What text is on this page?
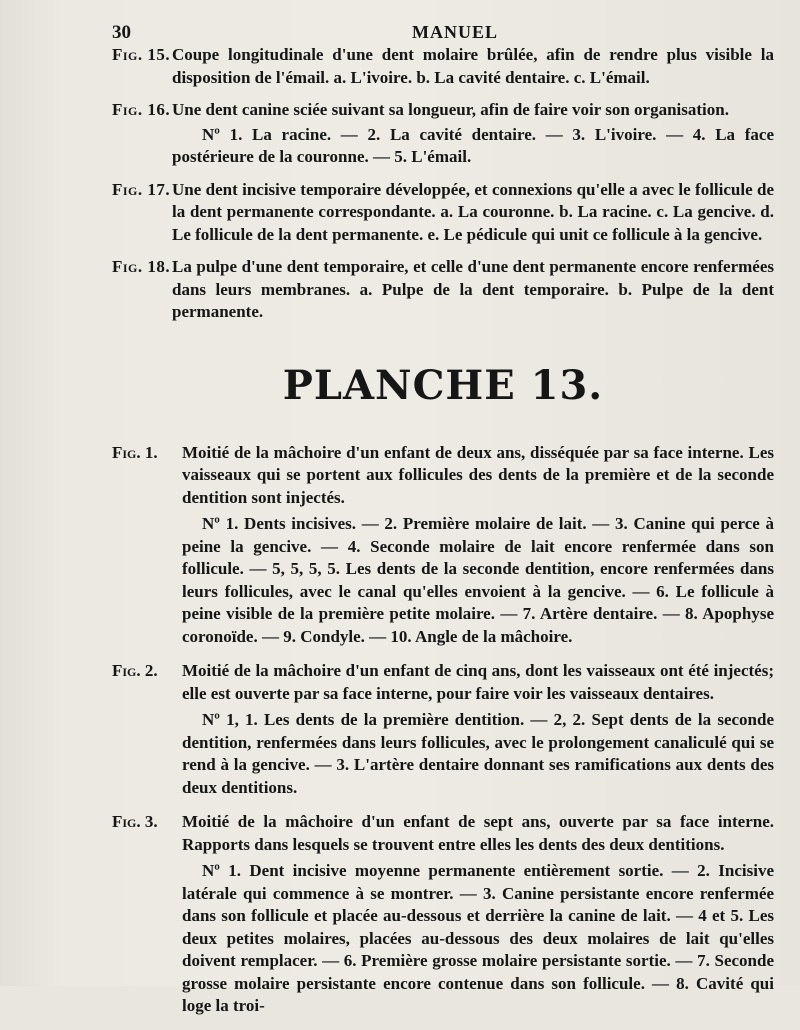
30	MANUEL
Fig. 15. Coupe longitudinale d'une dent molaire brûlée, afin de rendre plus visible la disposition de l'émail. a. L'ivoire. b. La cavité dentaire. c. L'émail.
Fig. 16. Une dent canine sciée suivant sa longueur, afin de faire voir son organisation.
Nº 1. La racine. — 2. La cavité dentaire. — 3. L'ivoire. — 4. La face postérieure de la couronne. — 5. L'émail.
Fig. 17. Une dent incisive temporaire développée, et connexions qu'elle a avec le follicule de la dent permanente correspondante. a. La couronne. b. La racine. c. La gencive. d. Le follicule de la dent permanente. e. Le pédicule qui unit ce follicule à la gencive.
Fig. 18. La pulpe d'une dent temporaire, et celle d'une dent permanente encore renfermées dans leurs membranes. a. Pulpe de la dent temporaire. b. Pulpe de la dent permanente.
PLANCHE 13.

Fig. 1. Moitié de la mâchoire d'un enfant de deux ans, disséquée par sa face interne. Les vaisseaux qui se portent aux follicules des dents de la première et de la seconde dentition sont injectés.

Nº 1. Dents incisives. — 2. Première molaire de lait. — 3. Canine qui perce à peine la gencive. — 4. Seconde molaire de lait encore renfermée dans son follicule. — 5, 5, 5, 5. Les dents de la seconde dentition, encore renfermées dans leurs follicules, avec le canal qu'elles envoient à la gencive. — 6. Le follicule à peine visible de la première petite molaire. — 7. Artère dentaire. — 8. Apophyse coronoïde. — 9. Condyle. — 10. Angle de la mâchoire.

Fig. 2. Moitié de la mâchoire d'un enfant de cinq ans, dont les vaisseaux ont été injectés; elle est ouverte par sa face interne, pour faire voir les vaisseaux dentaires.

Nº 1, 1. Les dents de la première dentition. — 2, 2. Sept dents de la seconde dentition, renfermées dans leurs follicules, avec le prolongement canaliculé qui se rend à la gencive. — 3. L'artère dentaire donnant ses ramifications aux dents des deux dentitions.

Fig. 3. Moitié de la mâchoire d'un enfant de sept ans, ouverte par sa face interne. Rapports dans lesquels se trouvent entre elles les dents des deux dentitions.

Nº 1. Dent incisive moyenne permanente entièrement sortie. — 2. Incisive latérale qui commence à se montrer. — 3. Canine persistante encore renfermée dans son follicule et placée au-dessous et derrière la canine de lait. — 4 et 5. Les deux petites molaires, placées au-dessous des deux molaires de lait qu'elles doivent remplacer. — 6. Première grosse molaire persistante sortie. — 7. Seconde grosse molaire persistante encore contenue dans son follicule. — 8. Cavité qui loge la troi-
